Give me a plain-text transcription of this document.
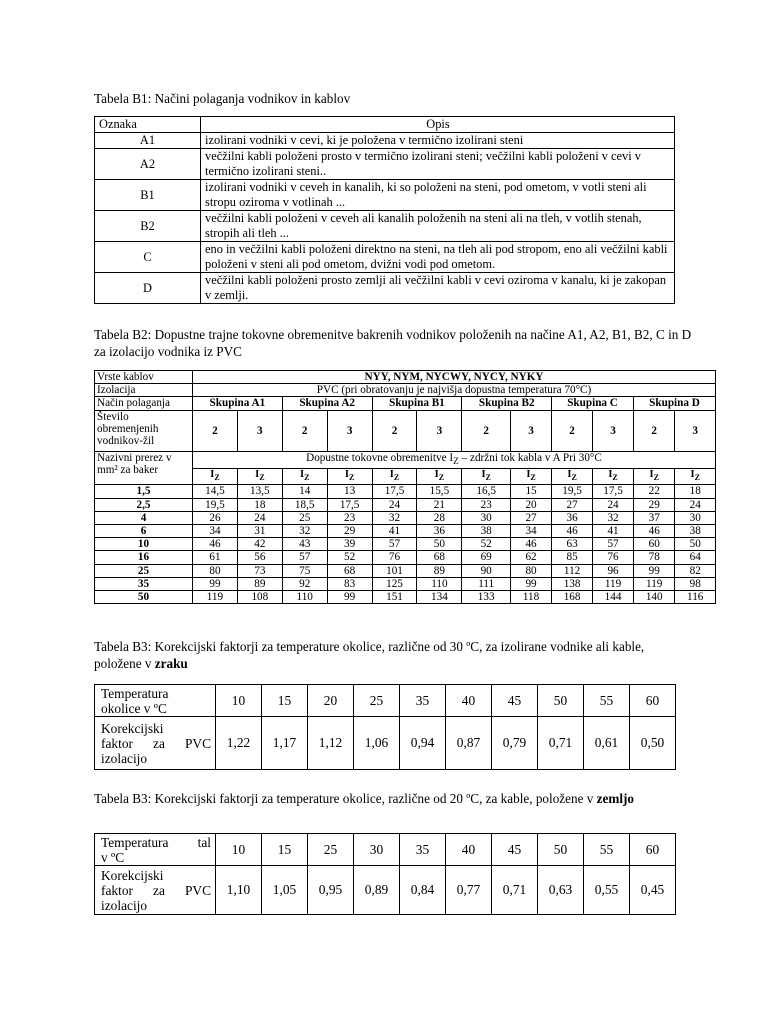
Tabela B1: Načini polaganja vodnikov in kablov
Oznaka	Opis
A1	izolirani vodniki v cevi, ki je položena v termično izolirani steni
A2	večžilni kabli položeni prosto v termično izolirani steni; večžilni kabli položeni v cevi v termično izolirani steni..
B1	izolirani vodniki v ceveh in kanalih, ki so položeni na steni, pod ometom, v votli steni ali stropu oziroma v votlinah ...
B2	večžilni kabli položeni v ceveh ali kanalih položenih na steni ali na tleh, v votlih stenah, stropih ali tleh ...
C	eno in večžilni kabli položeni direktno na steni, na tleh ali pod stropom, eno ali večžilni kabli položeni v steni ali pod ometom, dvižni vodi pod ometom.
D	večžilni kabli položeni prosto zemlji ali večžilni kabli v cevi oziroma v kanalu, ki je zakopan v zemlji.
Tabela B2: Dopustne trajne tokovne obremenitve bakrenih vodnikov položenih na načine A1, A2, B1, B2, C in D za izolacijo vodnika iz PVC
Vrste kablov	NYY, NYM, NYCWY, NYCY, NYKY											
Izolacija	PVC (pri obratovanju je najvišja dopustna temperatura 70°C)											
Način polaganja	Skupina A1		Skupina A2		Skupina B1		Skupina B2		Skupina C		Skupina D	
Število obremenjenih vodnikov-žil	2	3	2	3	2	3	2	3	2	3	2	3
Nazivni prerez v mm² za baker	Dopustne tokovne obremenitve $I_Z$ – zdržni tok kabla v A Pri 30°C											
	$I_Z$	$I_Z$	$I_Z$	$I_Z$	$I_Z$	$I_Z$	$I_Z$	$I_Z$	$I_Z$	$I_Z$	$I_Z$	$I_Z$
1,5	14,5	13,5	14	13	17,5	15,5	16,5	15	19,5	17,5	22	18
2,5	19,5	18	18,5	17,5	24	21	23	20	27	24	29	24
4	26	24	25	23	32	28	30	27	36	32	37	30
6	34	31	32	29	41	36	38	34	46	41	46	38
10	46	42	43	39	57	50	52	46	63	57	60	50
16	61	56	57	52	76	68	69	62	85	76	78	64
25	80	73	75	68	101	89	90	80	112	96	99	82
35	99	89	92	83	125	110	111	99	138	119	119	98
50	119	108	110	99	151	134	133	118	168	144	140	116
Tabela B3: Korekcijski faktorji za temperature okolice, različne od 30 ºC, za izolirane vodnike ali kable, položene v zraku
Temperatura
okolice v ºC	10	15	20	25	35	40	45	50	55	60
Korekcijski
faktor za PVC
izolacijo	1,22	1,17	1,12	1,06	0,94	0,87	0,79	0,71	0,61	0,50
Tabela B3: Korekcijski faktorji za temperature okolice, različne od 20 ºC, za kable, položene v zemljo
Temperatura tal
v ºC	10	15	25	30	35	40	45	50	55	60
Korekcijski
faktor za PVC
izolacijo	1,10	1,05	0,95	0,89	0,84	0,77	0,71	0,63	0,55	0,45
